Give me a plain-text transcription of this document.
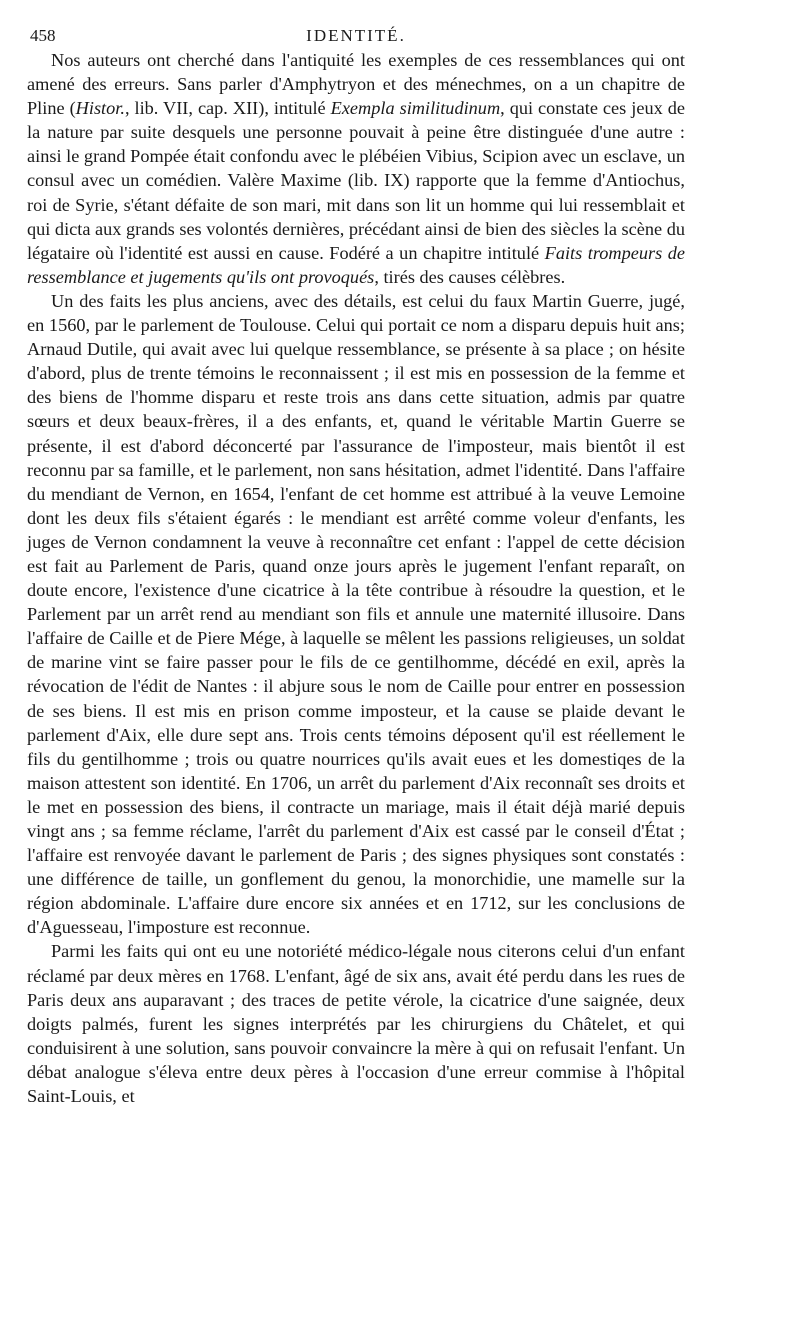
458	IDENTITÉ.

Nos auteurs ont cherché dans l'antiquité les exemples de ces ressemblances qui ont amené des erreurs. Sans parler d'Amphytryon et des ménechmes, on a un chapitre de Pline (Histor., lib. VII, cap. XII), intitulé Exempla similitudinum, qui constate ces jeux de la nature par suite desquels une personne pouvait à peine être distinguée d'une autre : ainsi le grand Pompée était confondu avec le plébéien Vibius, Scipion avec un esclave, un consul avec un comédien. Valère Maxime (lib. IX) rapporte que la femme d'Antiochus, roi de Syrie, s'étant défaite de son mari, mit dans son lit un homme qui lui ressemblait et qui dicta aux grands ses volontés dernières, précédant ainsi de bien des siècles la scène du légataire où l'identité est aussi en cause. Fodéré a un chapitre intitulé Faits trompeurs de ressemblance et jugements qu'ils ont provoqués, tirés des causes célèbres.

Un des faits les plus anciens, avec des détails, est celui du faux Martin Guerre, jugé, en 1560, par le parlement de Toulouse. Celui qui portait ce nom a disparu depuis huit ans; Arnaud Dutile, qui avait avec lui quelque ressemblance, se présente à sa place ; on hésite d'abord, plus de trente témoins le reconnaissent ; il est mis en possession de la femme et des biens de l'homme disparu et reste trois ans dans cette situation, admis par quatre sœurs et deux beaux-frères, il a des enfants, et, quand le véritable Martin Guerre se présente, il est d'abord déconcerté par l'assurance de l'imposteur, mais bientôt il est reconnu par sa famille, et le parlement, non sans hésitation, admet l'identité. Dans l'affaire du mendiant de Vernon, en 1654, l'enfant de cet homme est attribué à la veuve Lemoine dont les deux fils s'étaient égarés : le mendiant est arrêté comme voleur d'enfants, les juges de Vernon condamnent la veuve à reconnaître cet enfant : l'appel de cette décision est fait au Parlement de Paris, quand onze jours après le jugement l'enfant reparaît, on doute encore, l'existence d'une cicatrice à la tête contribue à résoudre la question, et le Parlement par un arrêt rend au mendiant son fils et annule une maternité illusoire. Dans l'affaire de Caille et de Piere Mége, à laquelle se mêlent les passions religieuses, un soldat de marine vint se faire passer pour le fils de ce gentilhomme, décédé en exil, après la révocation de l'édit de Nantes : il abjure sous le nom de Caille pour entrer en possession de ses biens. Il est mis en prison comme imposteur, et la cause se plaide devant le parlement d'Aix, elle dure sept ans. Trois cents témoins déposent qu'il est réellement le fils du gentilhomme ; trois ou quatre nourrices qu'ils avait eues et les domestiqes de la maison attestent son identité. En 1706, un arrêt du parlement d'Aix reconnaît ses droits et le met en possession des biens, il contracte un mariage, mais il était déjà marié depuis vingt ans ; sa femme réclame, l'arrêt du parlement d'Aix est cassé par le conseil d'État ; l'affaire est renvoyée davant le parlement de Paris ; des signes physiques sont constatés : une différence de taille, un gonflement du genou, la monorchidie, une mamelle sur la région abdominale. L'affaire dure encore six années et en 1712, sur les conclusions de d'Aguesseau, l'imposture est reconnue.

Parmi les faits qui ont eu une notoriété médico-légale nous citerons celui d'un enfant réclamé par deux mères en 1768. L'enfant, âgé de six ans, avait été perdu dans les rues de Paris deux ans auparavant ; des traces de petite vérole, la cicatrice d'une saignée, deux doigts palmés, furent les signes interprétés par les chirurgiens du Châtelet, et qui conduisirent à une solution, sans pouvoir convaincre la mère à qui on refusait l'enfant. Un débat analogue s'éleva entre deux pères à l'occasion d'une erreur commise à l'hôpital Saint-Louis, et
